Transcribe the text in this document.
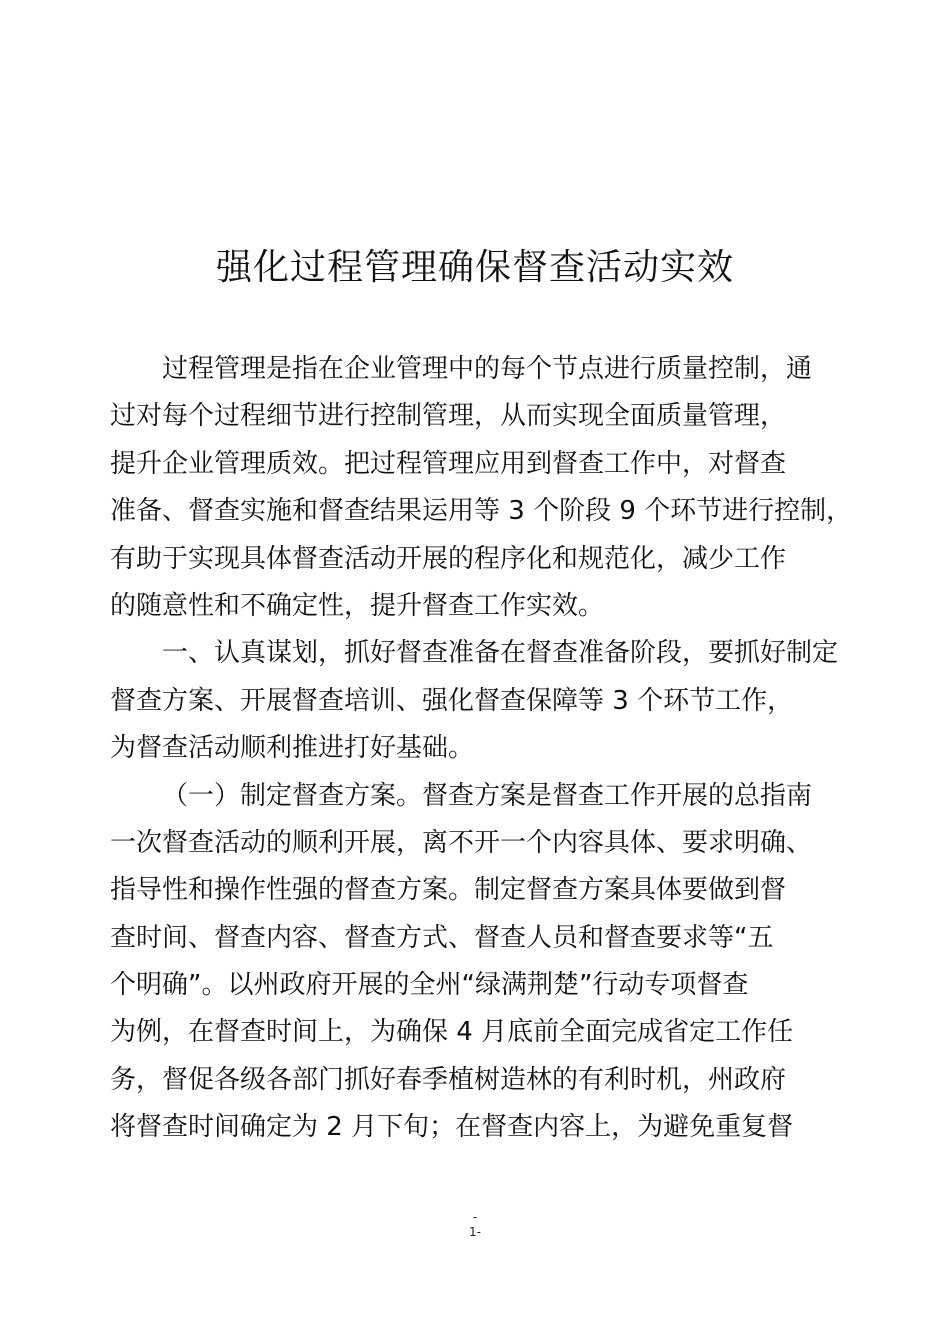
强化过程管理确保督查活动实效
过程管理是指在企业管理中的每个节点进行质量控制，通
过对每个过程细节进行控制管理，从而实现全面质量管理，
提升企业管理质效。把过程管理应用到督查工作中，对督查
准备、督查实施和督查结果运用等 3 个阶段 9 个环节进行控制，
有助于实现具体督查活动开展的程序化和规范化，减少工作
的随意性和不确定性，提升督查工作实效。
一、认真谋划，抓好督查准备在督查准备阶段，要抓好制定
督查方案、开展督查培训、强化督查保障等 3 个环节工作，
为督查活动顺利推进打好基础。
（一）制定督查方案。督查方案是督查工作开展的总指南
一次督查活动的顺利开展，离不开一个内容具体、要求明确、
指导性和操作性强的督查方案。制定督查方案具体要做到督
查时间、督查内容、督查方式、督查人员和督查要求等“五
个明确”。以州政府开展的全州“绿满荆楚”行动专项督查
为例，在督查时间上，为确保 4 月底前全面完成省定工作任
务，督促各级各部门抓好春季植树造林的有利时机，州政府
将督查时间确定为 2 月下旬；在督查内容上，为避免重复督
-
1-
